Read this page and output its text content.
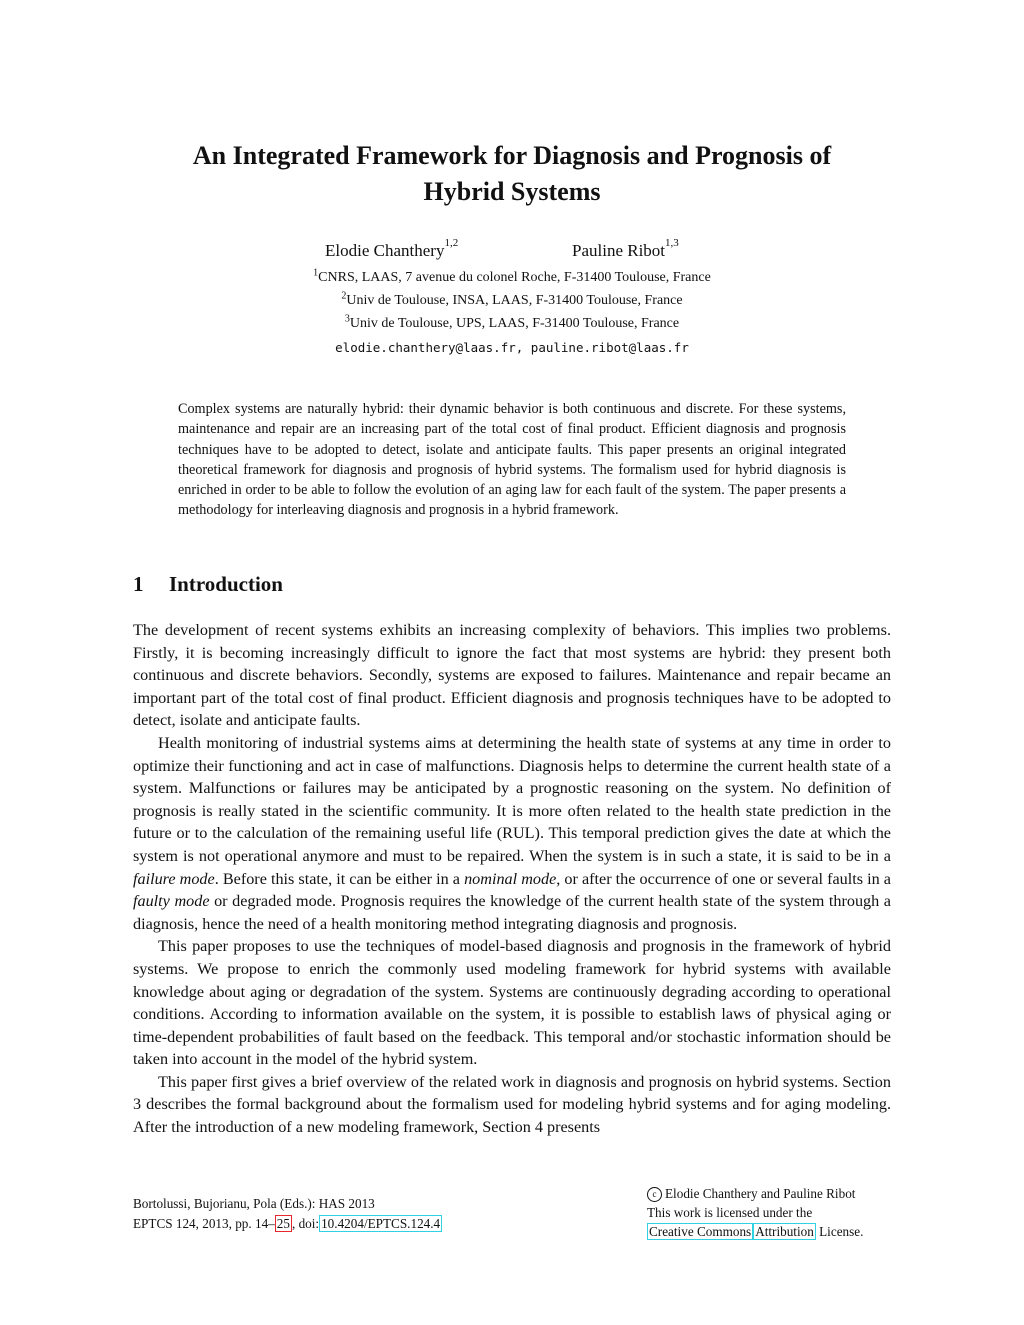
An Integrated Framework for Diagnosis and Prognosis of
Hybrid Systems
Elodie Chanthery$^{1,2}$	Pauline Ribot$^{1,3}$
$^1$CNRS, LAAS, 7 avenue du colonel Roche, F-31400 Toulouse, France
$^2$Univ de Toulouse, INSA, LAAS, F-31400 Toulouse, France
$^3$Univ de Toulouse, UPS, LAAS, F-31400 Toulouse, France
elodie.chanthery@laas.fr, pauline.ribot@laas.fr

Complex systems are naturally hybrid: their dynamic behavior is both continuous and discrete. For these systems, maintenance and repair are an increasing part of the total cost of final product. Efficient diagnosis and prognosis techniques have to be adopted to detect, isolate and anticipate faults. This paper presents an original integrated theoretical framework for diagnosis and prognosis of hybrid systems. The formalism used for hybrid diagnosis is enriched in order to be able to follow the evolution of an aging law for each fault of the system. The paper presents a methodology for interleaving diagnosis and prognosis in a hybrid framework.

1 Introduction

The development of recent systems exhibits an increasing complexity of behaviors. This implies two problems. Firstly, it is becoming increasingly difficult to ignore the fact that most systems are hybrid: they present both continuous and discrete behaviors. Secondly, systems are exposed to failures. Maintenance and repair became an important part of the total cost of final product. Efficient diagnosis and prognosis techniques have to be adopted to detect, isolate and anticipate faults.

Health monitoring of industrial systems aims at determining the health state of systems at any time in order to optimize their functioning and act in case of malfunctions. Diagnosis helps to determine the current health state of a system. Malfunctions or failures may be anticipated by a prognostic reasoning on the system. No definition of prognosis is really stated in the scientific community. It is more often related to the health state prediction in the future or to the calculation of the remaining useful life (RUL). This temporal prediction gives the date at which the system is not operational anymore and must to be repaired. When the system is in such a state, it is said to be in a failure mode. Before this state, it can be either in a nominal mode, or after the occurrence of one or several faults in a faulty mode or degraded mode. Prognosis requires the knowledge of the current health state of the system through a diagnosis, hence the need of a health monitoring method integrating diagnosis and prognosis.

This paper proposes to use the techniques of model-based diagnosis and prognosis in the framework of hybrid systems. We propose to enrich the commonly used modeling framework for hybrid systems with available knowledge about aging or degradation of the system. Systems are continuously degrading according to operational conditions. According to information available on the system, it is possible to establish laws of physical aging or time-dependent probabilities of fault based on the feedback. This temporal and/or stochastic information should be taken into account in the model of the hybrid system.

This paper first gives a brief overview of the related work in diagnosis and prognosis on hybrid systems. Section 3 describes the formal background about the formalism used for modeling hybrid systems and for aging modeling. After the introduction of a new modeling framework, Section 4 presents

Bortolussi, Bujorianu, Pola (Eds.): HAS 2013
EPTCS 124, 2013, pp. 14– 25 , doi: 10.4204/EPTCS.124.4
c Elodie Chanthery and Pauline Ribot
This work is licensed under the
Creative Commons Attribution License.
